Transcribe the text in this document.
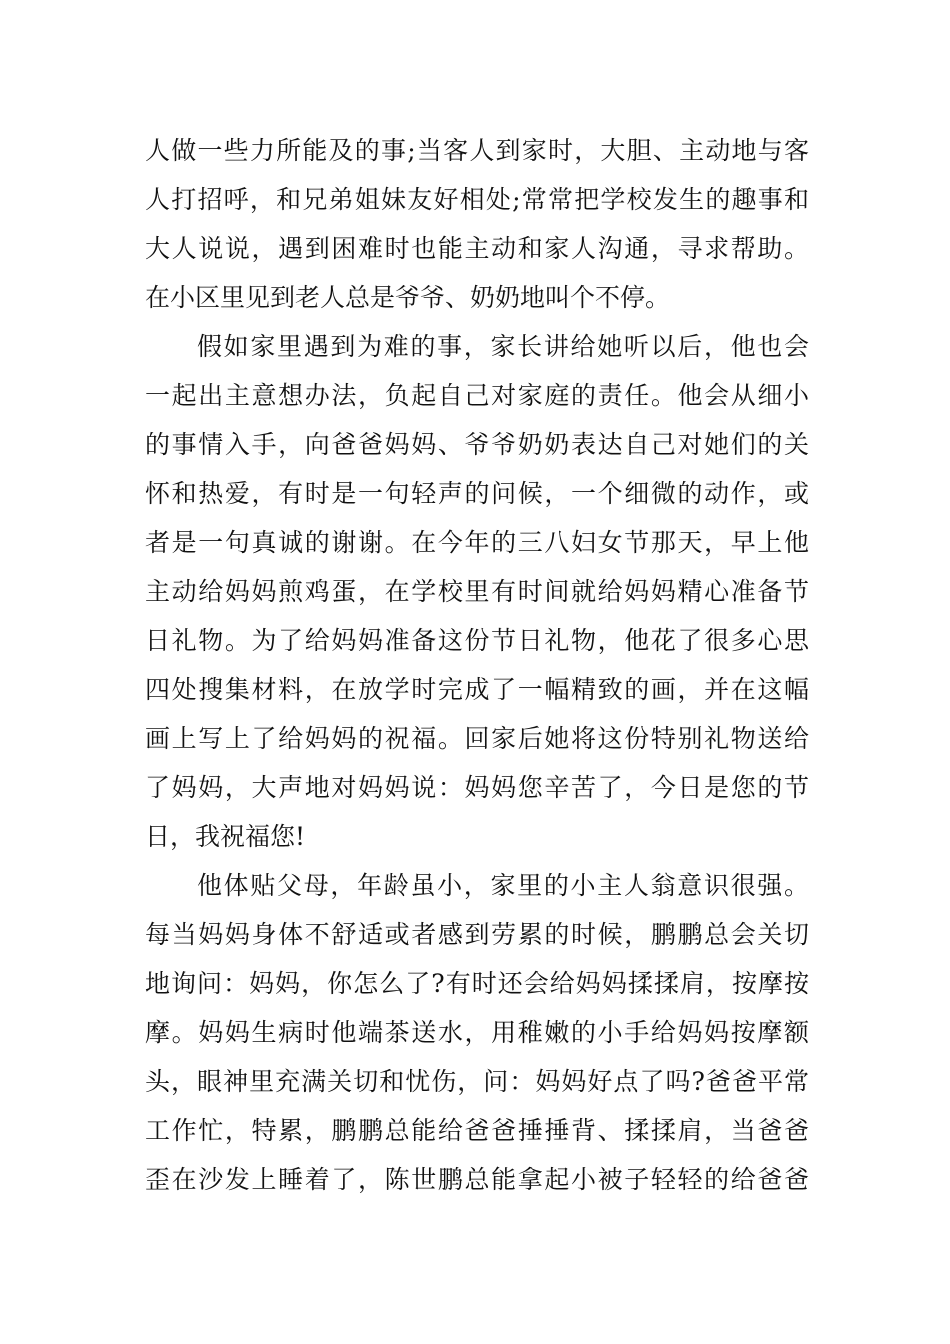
人做一些力所能及的事;当客人到家时，大胆、主动地与客
人打招呼，和兄弟姐妹友好相处;常常把学校发生的趣事和
大人说说，遇到困难时也能主动和家人沟通，寻求帮助。
在小区里见到老人总是爷爷、奶奶地叫个不停。
假如家里遇到为难的事，家长讲给她听以后，他也会
一起出主意想办法，负起自己对家庭的责任。他会从细小
的事情入手，向爸爸妈妈、爷爷奶奶表达自己对她们的关
怀和热爱，有时是一句轻声的问候，一个细微的动作，或
者是一句真诚的谢谢。在今年的三八妇女节那天，早上他
主动给妈妈煎鸡蛋，在学校里有时间就给妈妈精心准备节
日礼物。为了给妈妈准备这份节日礼物，他花了很多心思
四处搜集材料，在放学时完成了一幅精致的画，并在这幅
画上写上了给妈妈的祝福。回家后她将这份特别礼物送给
了妈妈，大声地对妈妈说：妈妈您辛苦了，今日是您的节
日，我祝福您!
他体贴父母，年龄虽小，家里的小主人翁意识很强。
每当妈妈身体不舒适或者感到劳累的时候，鹏鹏总会关切
地询问：妈妈，你怎么了?有时还会给妈妈揉揉肩，按摩按
摩。妈妈生病时他端茶送水，用稚嫩的小手给妈妈按摩额
头，眼神里充满关切和忧伤，问：妈妈好点了吗?爸爸平常
工作忙，特累，鹏鹏总能给爸爸捶捶背、揉揉肩，当爸爸
歪在沙发上睡着了，陈世鹏总能拿起小被子轻轻的给爸爸
